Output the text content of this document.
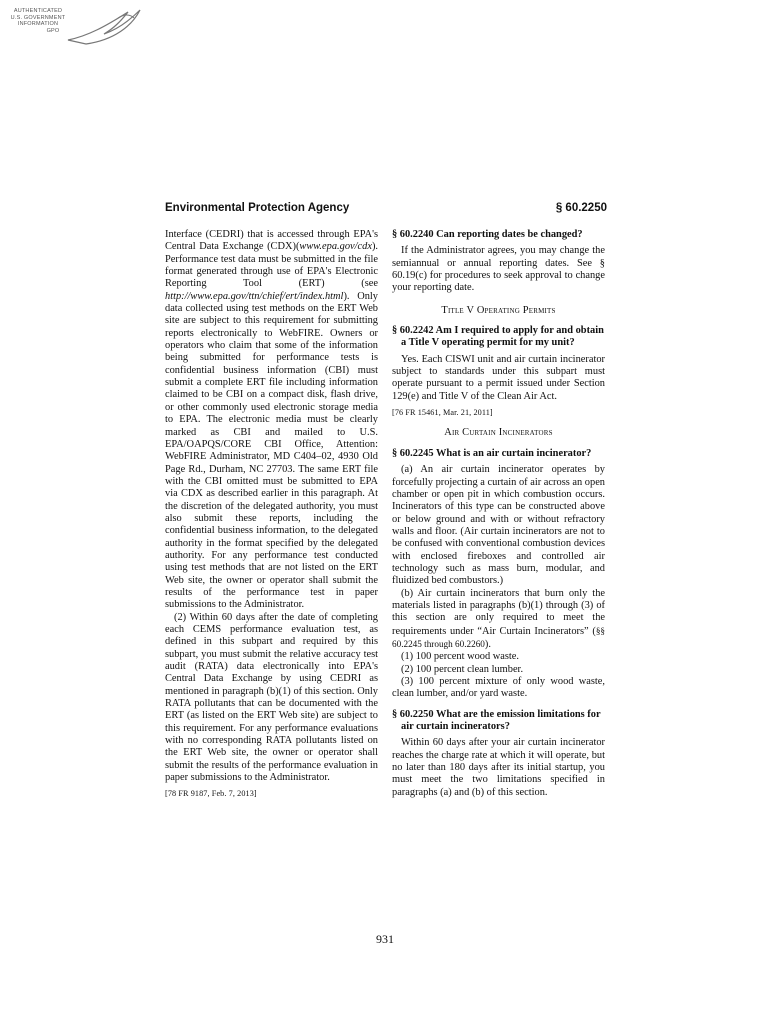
AUTHENTICATED
U.S. GOVERNMENT
INFORMATION
GPO
Environmental Protection Agency	§ 60.2250

Interface (CEDRI) that is accessed through EPA's Central Data Exchange (CDX)(www.epa.gov/cdx). Performance test data must be submitted in the file format generated through use of EPA's Electronic Reporting Tool (ERT) (see http://www.epa.gov/ttn/chief/ert/index.html). Only data collected using test methods on the ERT Web site are subject to this requirement for submitting reports electronically to WebFIRE. Owners or operators who claim that some of the information being submitted for performance tests is confidential business information (CBI) must submit a complete ERT file including information claimed to be CBI on a compact disk, flash drive, or other commonly used electronic storage media to EPA. The electronic media must be clearly marked as CBI and mailed to U.S. EPA/OAPQS/CORE CBI Office, Attention: WebFIRE Administrator, MD C404–02, 4930 Old Page Rd., Durham, NC 27703. The same ERT file with the CBI omitted must be submitted to EPA via CDX as described earlier in this paragraph. At the discretion of the delegated authority, you must also submit these reports, including the confidential business information, to the delegated authority in the format specified by the delegated authority. For any performance test conducted using test methods that are not listed on the ERT Web site, the owner or operator shall submit the results of the performance test in paper submissions to the Administrator.

(2) Within 60 days after the date of completing each CEMS performance evaluation test, as defined in this subpart and required by this subpart, you must submit the relative accuracy test audit (RATA) data electronically into EPA's Central Data Exchange by using CEDRI as mentioned in paragraph (b)(1) of this section. Only RATA pollutants that can be documented with the ERT (as listed on the ERT Web site) are subject to this requirement. For any performance evaluations with no corresponding RATA pollutants listed on the ERT Web site, the owner or operator shall submit the results of the performance evaluation in paper submissions to the Administrator.

[78 FR 9187, Feb. 7, 2013]

§ 60.2240 Can reporting dates be changed?

If the Administrator agrees, you may change the semiannual or annual reporting dates. See § 60.19(c) for procedures to seek approval to change your reporting date.

Title V Operating Permits

§ 60.2242 Am I required to apply for and obtain a Title V operating permit for my unit?

Yes. Each CISWI unit and air curtain incinerator subject to standards under this subpart must operate pursuant to a permit issued under Section 129(e) and Title V of the Clean Air Act.

[76 FR 15461, Mar. 21, 2011]

Air Curtain Incinerators

§ 60.2245 What is an air curtain incinerator?

(a) An air curtain incinerator operates by forcefully projecting a curtain of air across an open chamber or open pit in which combustion occurs. Incinerators of this type can be constructed above or below ground and with or without refractory walls and floor. (Air curtain incinerators are not to be confused with conventional combustion devices with enclosed fireboxes and controlled air technology such as mass burn, modular, and fluidized bed combustors.)

(b) Air curtain incinerators that burn only the materials listed in paragraphs (b)(1) through (3) of this section are only required to meet the requirements under “Air Curtain Incinerators” (§§ 60.2245 through 60.2260).

(1) 100 percent wood waste.

(2) 100 percent clean lumber.

(3) 100 percent mixture of only wood waste, clean lumber, and/or yard waste.

§ 60.2250 What are the emission limitations for air curtain incinerators?

Within 60 days after your air curtain incinerator reaches the charge rate at which it will operate, but no later than 180 days after its initial startup, you must meet the two limitations specified in paragraphs (a) and (b) of this section.

931
